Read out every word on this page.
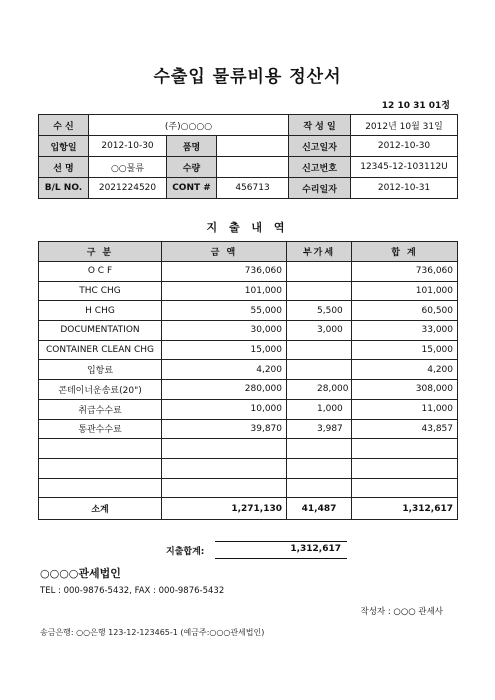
수출입 물류비용 정산서
12 10 31 01정
수 신	(주)○○○○			작 성 일	2012년 10월 31일
입항일	2012-10-30	품명		신고일자	2012-10-30
선 명	○○물류	수량		신고번호	12345-12-103112U
B/L NO.	2021224520	CONT #	456713	수리일자	2012-10-31
지 출 내 역
구 분	금 액	부가세	합 계
O C F	736,060		736,060
THC CHG	101,000		101,000
H CHG	55,000	5,500	60,500
DOCUMENTATION	30,000	3,000	33,000
CONTAINER CLEAN CHG	15,000		15,000
입항료	4,200		4,200
콘테이너운송료(20")	280,000	28,000	308,000
취급수수료	10,000	1,000	11,000
통관수수료	39,870	3,987	43,857

소계	1,271,130	41,487	1,312,617
지출합계:	1,312,617
○○○○관세법인
TEL : 000-9876-5432, FAX : 000-9876-5432
작성자 : ○○○ 관세사
송금은행: ○○은행 123-12-123465-1 (예금주:○○○관세법인)
